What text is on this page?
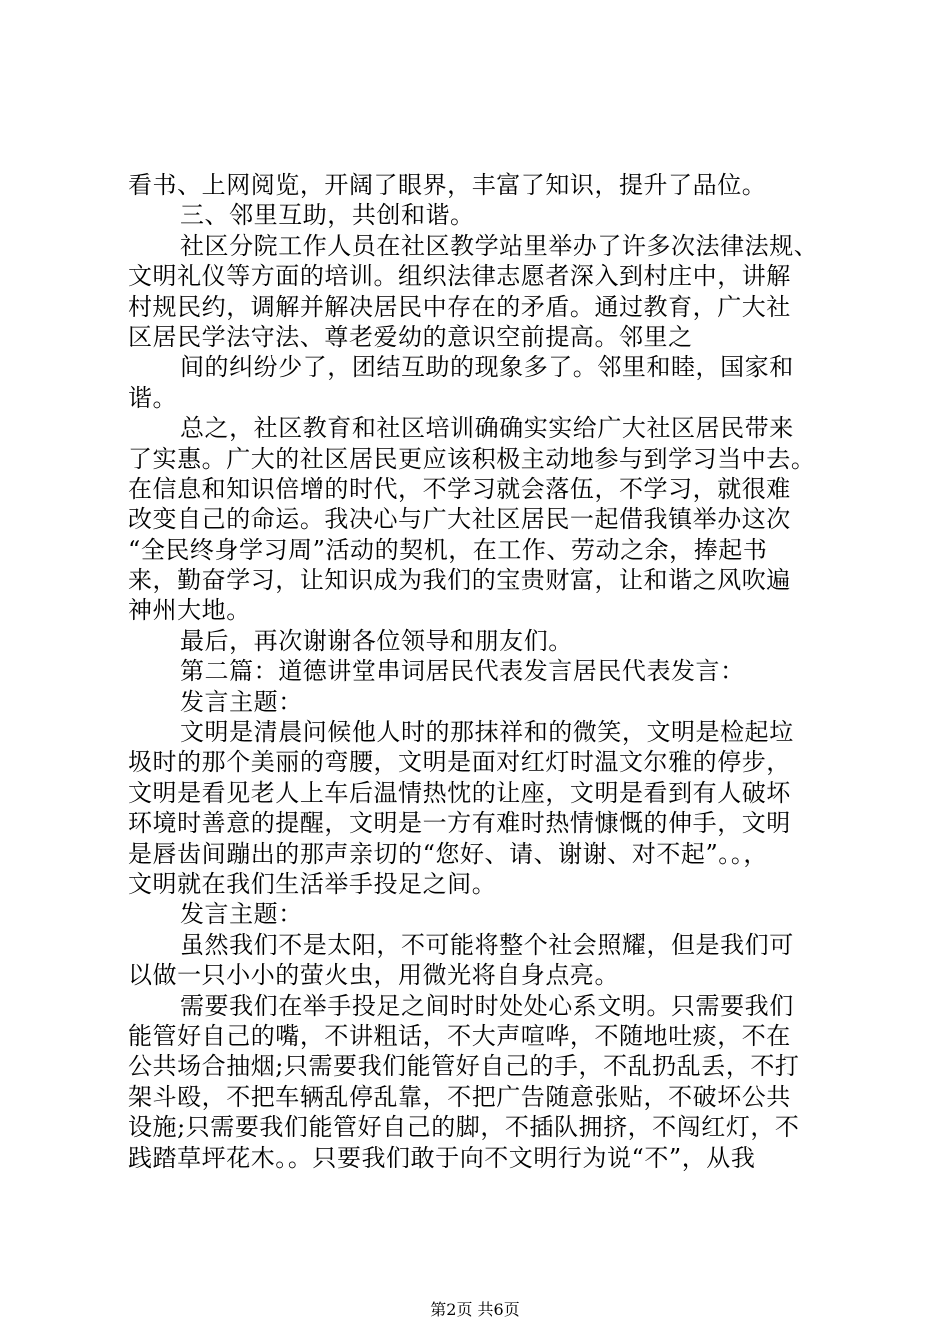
看书、上网阅览，开阔了眼界，丰富了知识，提升了品位。
三、邻里互助，共创和谐。
社区分院工作人员在社区教学站里举办了许多次法律法规、
文明礼仪等方面的培训。组织法律志愿者深入到村庄中，讲解
村规民约，调解并解决居民中存在的矛盾。通过教育，广大社
区居民学法守法、尊老爱幼的意识空前提高。邻里之
间的纠纷少了，团结互助的现象多了。邻里和睦，国家和
谐。
总之，社区教育和社区培训确确实实给广大社区居民带来
了实惠。广大的社区居民更应该积极主动地参与到学习当中去。
在信息和知识倍增的时代，不学习就会落伍，不学习，就很难
改变自己的命运。我决心与广大社区居民一起借我镇举办这次
“全民终身学习周”活动的契机，在工作、劳动之余，捧起书
来，勤奋学习，让知识成为我们的宝贵财富，让和谐之风吹遍
神州大地。
最后，再次谢谢各位领导和朋友们。
第二篇：道德讲堂串词居民代表发言居民代表发言：
发言主题：
文明是清晨问候他人时的那抹祥和的微笑，文明是检起垃
圾时的那个美丽的弯腰，文明是面对红灯时温文尔雅的停步，
文明是看见老人上车后温情热忱的让座，文明是看到有人破坏
环境时善意的提醒，文明是一方有难时热情慷慨的伸手，文明
是唇齿间蹦出的那声亲切的“您好、请、谢谢、对不起”。。，
文明就在我们生活举手投足之间。
发言主题：
虽然我们不是太阳，不可能将整个社会照耀，但是我们可
以做一只小小的萤火虫，用微光将自身点亮。
需要我们在举手投足之间时时处处心系文明。只需要我们
能管好自己的嘴，不讲粗话，不大声喧哗，不随地吐痰，不在
公共场合抽烟;只需要我们能管好自己的手，不乱扔乱丢，不打
架斗殴，不把车辆乱停乱靠，不把广告随意张贴，不破坏公共
设施;只需要我们能管好自己的脚，不插队拥挤，不闯红灯，不
践踏草坪花木。。只要我们敢于向不文明行为说“不”，从我
第2页 共6页
